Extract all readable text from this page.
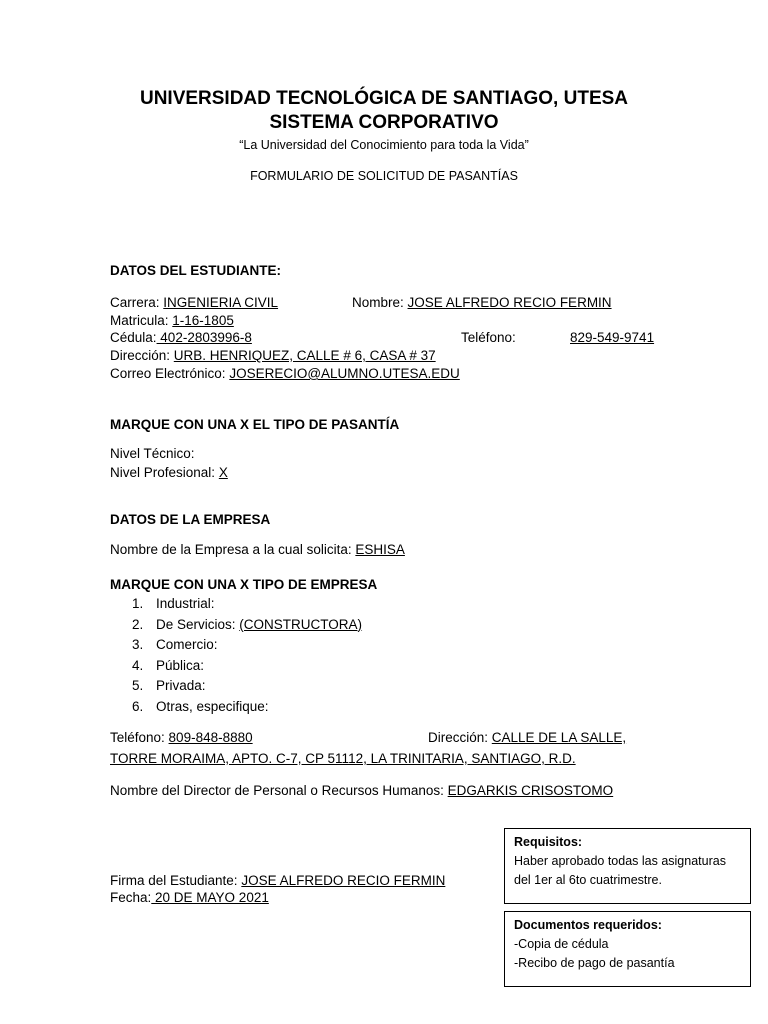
UNIVERSIDAD TECNOLÓGICA DE SANTIAGO, UTESA
SISTEMA CORPORATIVO
“La Universidad del Conocimiento para toda la Vida”
FORMULARIO DE SOLICITUD DE PASANTÍAS
DATOS DEL ESTUDIANTE:
Carrera: INGENIERIA CIVIL	Nombre: JOSE ALFREDO RECIO FERMIN
Matricula: 1-16-1805
Cédula: 402-2803996-8	Teléfono:	829-549-9741
Dirección: URB. HENRIQUEZ, CALLE # 6, CASA # 37
Correo Electrónico: JOSERECIO@ALUMNO.UTESA.EDU
MARQUE CON UNA X EL TIPO DE PASANTÍA
Nivel Técnico:
Nivel Profesional: X
DATOS DE LA EMPRESA
Nombre de la Empresa a la cual solicita: ESHISA
MARQUE CON UNA X TIPO DE EMPRESA
1. Industrial:
2. De Servicios: (CONSTRUCTORA)
3. Comercio:
4. Pública:
5. Privada:
6. Otras, especifique:
Teléfono: 809-848-8880	Dirección: CALLE DE LA SALLE,
TORRE MORAIMA, APTO. C-7, CP 51112, LA TRINITARIA, SANTIAGO, R.D.
Nombre del Director de Personal o Recursos Humanos: EDGARKIS CRISOSTOMO
Firma del Estudiante: JOSE ALFREDO RECIO FERMIN
Fecha: 20 DE MAYO 2021
Requisitos:
Haber aprobado todas las asignaturas
del 1er al 6to cuatrimestre.
Documentos requeridos:
-Copia de cédula
-Recibo de pago de pasantía
